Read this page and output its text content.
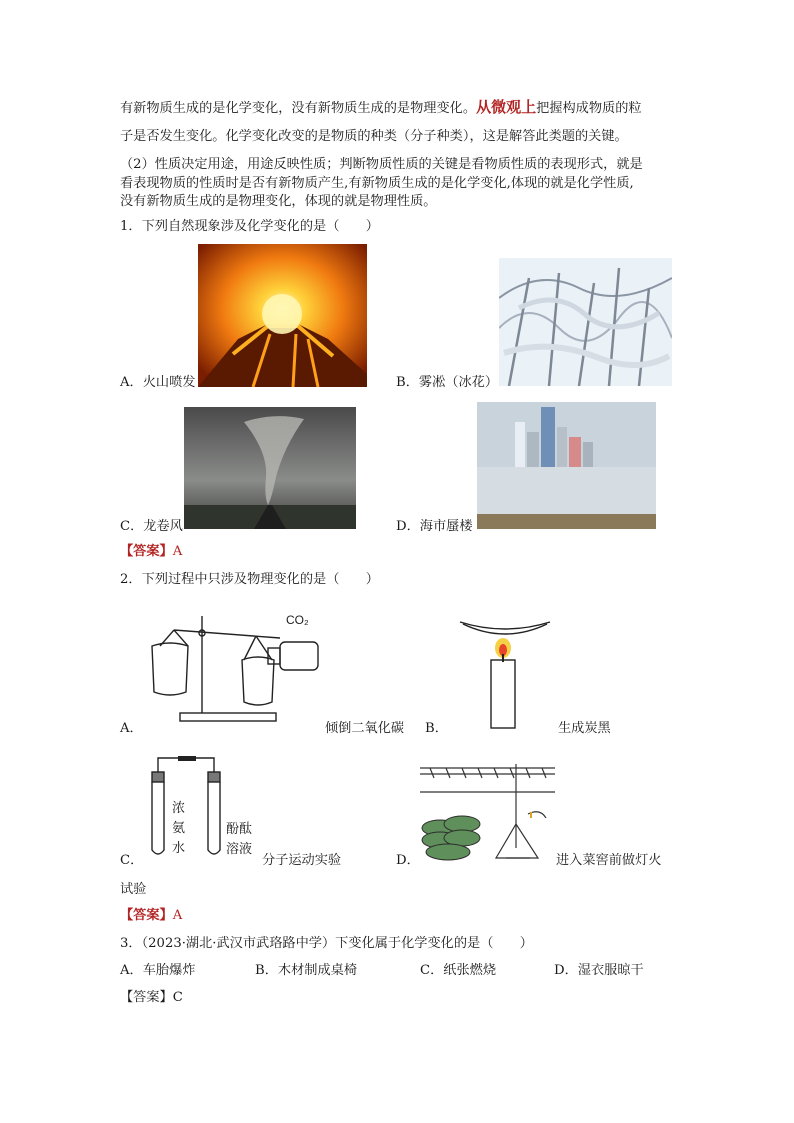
有新物质生成的是化学变化，没有新物质生成的是物理变化。从微观上把握构成物质的粒
子是否发生变化。化学变化改变的是物质的种类（分子种类），这是解答此类题的关键。
（2）性质决定用途，用途反映性质；判断物质性质的关键是看物质性质的表现形式，就是
看表现物质的性质时是否有新物质产生,有新物质生成的是化学变化,体现的就是化学性质,
没有新物质生成的是物理变化，体现的就是物理性质。
1．下列自然现象涉及化学变化的是（　　）
A．火山喷发	B．雾凇（冰花）
C．龙卷风	D．海市蜃楼
【答案】A
2．下列过程中只涉及物理变化的是（　　）
CO₂
A．	倾倒二氧化碳 B．	生成炭黑
浓
氨
水
酚酞
溶液
C．	分子运动实验	D．	进入菜窖前做灯火
试验
【答案】A
3．（2023·湖北·武汉市武珞路中学）下变化属于化学变化的是（　　）
A．车胎爆炸	B．木材制成桌椅	C．纸张燃烧	D．湿衣服晾干
【答案】C
